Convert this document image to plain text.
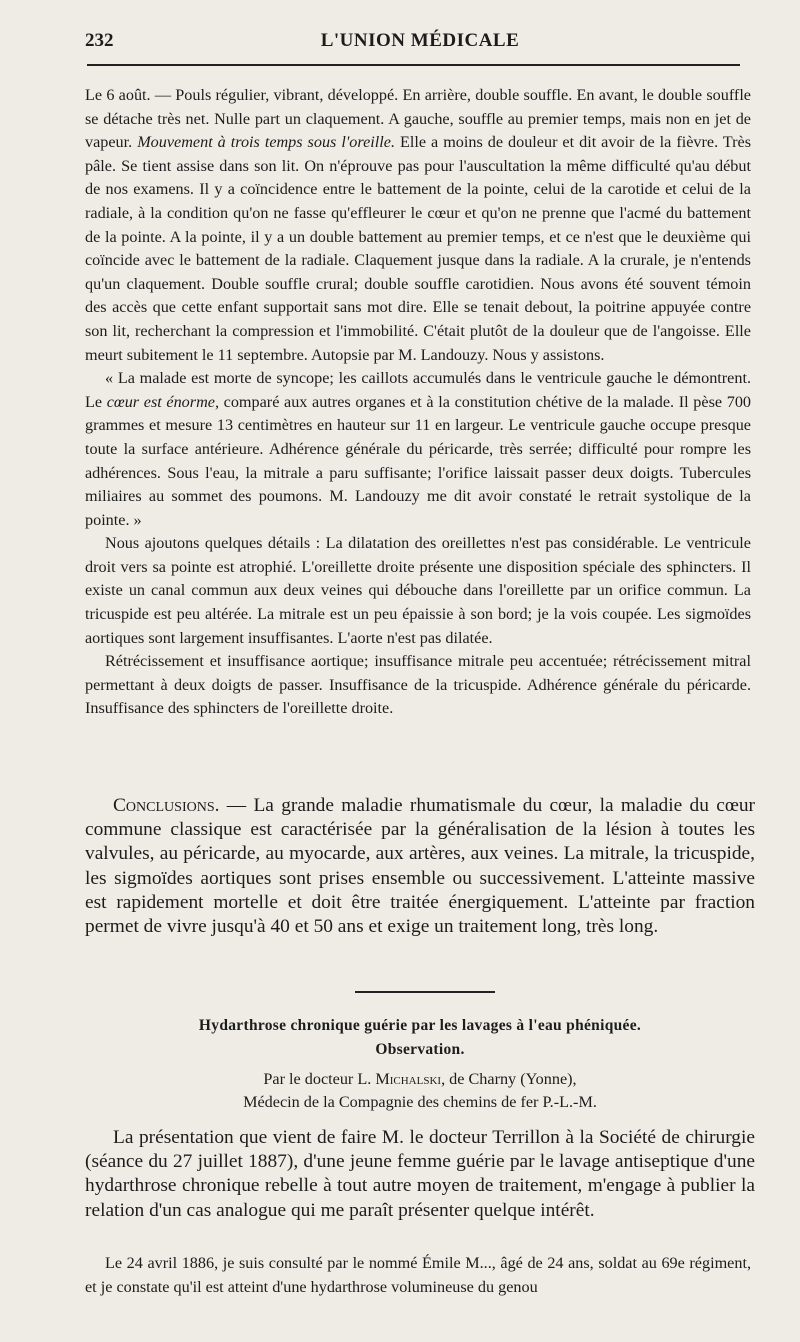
232	L'UNION MÉDICALE

Le 6 août. — Pouls régulier, vibrant, développé. En arrière, double souffle. En avant, le double souffle se détache très net. Nulle part un claquement. A gauche, souffle au premier temps, mais non en jet de vapeur. Mouvement à trois temps sous l'oreille. Elle a moins de douleur et dit avoir de la fièvre. Très pâle. Se tient assise dans son lit. On n'éprouve pas pour l'auscultation la même difficulté qu'au début de nos examens. Il y a coïncidence entre le battement de la pointe, celui de la carotide et celui de la radiale, à la condition qu'on ne fasse qu'effleurer le cœur et qu'on ne prenne que l'acmé du battement de la pointe. A la pointe, il y a un double battement au premier temps, et ce n'est que le deuxième qui coïncide avec le battement de la radiale. Claquement jusque dans la radiale. A la crurale, je n'entends qu'un claquement. Double souffle crural; double souffle carotidien. Nous avons été souvent témoin des accès que cette enfant supportait sans mot dire. Elle se tenait debout, la poitrine appuyée contre son lit, recherchant la compression et l'immobilité. C'était plutôt de la douleur que de l'angoisse. Elle meurt subitement le 11 septembre. Autopsie par M. Landouzy. Nous y assistons.

« La malade est morte de syncope; les caillots accumulés dans le ventricule gauche le démontrent. Le cœur est énorme, comparé aux autres organes et à la constitution chétive de la malade. Il pèse 700 grammes et mesure 13 centimètres en hauteur sur 11 en largeur. Le ventricule gauche occupe presque toute la surface antérieure. Adhérence générale du péricarde, très serrée; difficulté pour rompre les adhérences. Sous l'eau, la mitrale a paru suffisante; l'orifice laissait passer deux doigts. Tubercules miliaires au sommet des poumons. M. Landouzy me dit avoir constaté le retrait systolique de la pointe. »

Nous ajoutons quelques détails : La dilatation des oreillettes n'est pas considérable. Le ventricule droit vers sa pointe est atrophié. L'oreillette droite présente une disposition spéciale des sphincters. Il existe un canal commun aux deux veines qui débouche dans l'oreillette par un orifice commun. La tricuspide est peu altérée. La mitrale est un peu épaissie à son bord; je la vois coupée. Les sigmoïdes aortiques sont largement insuffisantes. L'aorte n'est pas dilatée.

Rétrécissement et insuffisance aortique; insuffisance mitrale peu accentuée; rétrécissement mitral permettant à deux doigts de passer. Insuffisance de la tricuspide. Adhérence générale du péricarde. Insuffisance des sphincters de l'oreillette droite.

Conclusions. — La grande maladie rhumatismale du cœur, la maladie du cœur commune classique est caractérisée par la généralisation de la lésion à toutes les valvules, au péricarde, au myocarde, aux artères, aux veines. La mitrale, la tricuspide, les sigmoïdes aortiques sont prises ensemble ou successivement. L'atteinte massive est rapidement mortelle et doit être traitée énergiquement. L'atteinte par fraction permet de vivre jusqu'à 40 et 50 ans et exige un traitement long, très long.

Hydarthrose chronique guérie par les lavages à l'eau phéniquée.
Observation.
Par le docteur L. Michalski, de Charny (Yonne),
Médecin de la Compagnie des chemins de fer P.-L.-M.

La présentation que vient de faire M. le docteur Terrillon à la Société de chirurgie (séance du 27 juillet 1887), d'une jeune femme guérie par le lavage antiseptique d'une hydarthrose chronique rebelle à tout autre moyen de traitement, m'engage à publier la relation d'un cas analogue qui me paraît présenter quelque intérêt.

Le 24 avril 1886, je suis consulté par le nommé Émile M..., âgé de 24 ans, soldat au 69e régiment, et je constate qu'il est atteint d'une hydarthrose volumineuse du genou
